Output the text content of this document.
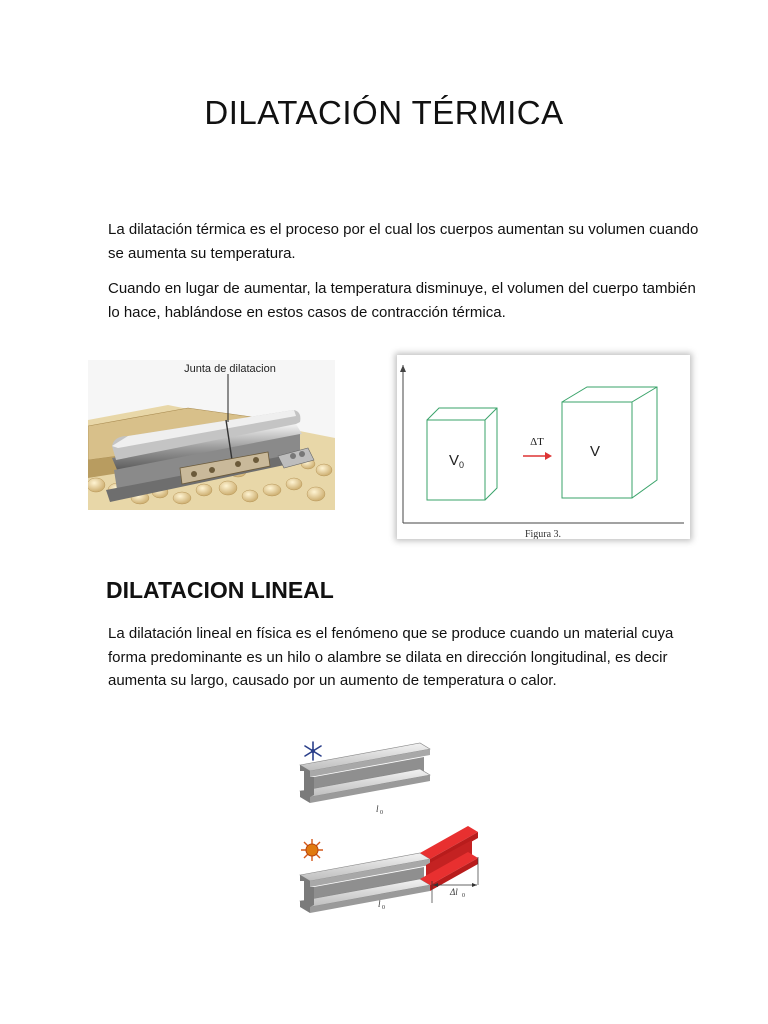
DILATACIÓN TÉRMICA
La dilatación térmica es el proceso por el cual los cuerpos aumentan su volumen cuando se aumenta su temperatura.
Cuando en lugar de aumentar, la temperatura disminuye, el volumen del cuerpo también lo hace, hablándose en estos casos de contracción térmica.
Junta de dilatacion
V 0
ΔT
V
Figura 3.
DILATACION LINEAL
La dilatación lineal en física es el fenómeno que se produce cuando un material cuya forma predominante es un hilo o alambre se dilata en dirección longitudinal, es decir aumenta su largo, causado por un aumento de temperatura o calor.
l 0
Δl 0
l 0
